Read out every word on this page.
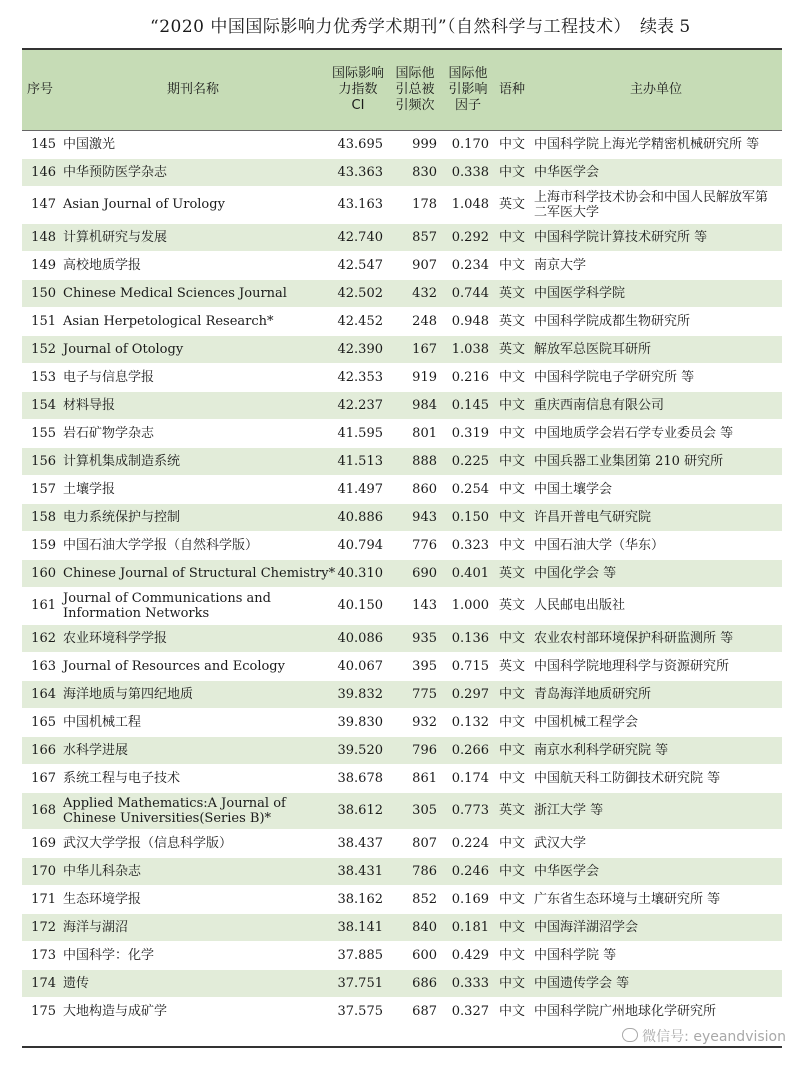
“2020 中国国际影响力优秀学术期刊”（自然科学与工程技术） 续表 5
序号	期刊名称	国际影响力指数 CI	国际他引总被引频次	国际他引影响因子	语种	主办单位
145	中国激光	43.695	999	0.170	中文	中国科学院上海光学精密机械研究所 等
146	中华预防医学杂志	43.363	830	0.338	中文	中华医学会
147	Asian Journal of Urology	43.163	178	1.048	英文	上海市科学技术协会和中国人民解放军第二军医大学
148	计算机研究与发展	42.740	857	0.292	中文	中国科学院计算技术研究所 等
149	高校地质学报	42.547	907	0.234	中文	南京大学
150	Chinese Medical Sciences Journal	42.502	432	0.744	英文	中国医学科学院
151	Asian Herpetological Research*	42.452	248	0.948	英文	中国科学院成都生物研究所
152	Journal of Otology	42.390	167	1.038	英文	解放军总医院耳研所
153	电子与信息学报	42.353	919	0.216	中文	中国科学院电子学研究所 等
154	材料导报	42.237	984	0.145	中文	重庆西南信息有限公司
155	岩石矿物学杂志	41.595	801	0.319	中文	中国地质学会岩石学专业委员会 等
156	计算机集成制造系统	41.513	888	0.225	中文	中国兵器工业集团第 210 研究所
157	土壤学报	41.497	860	0.254	中文	中国土壤学会
158	电力系统保护与控制	40.886	943	0.150	中文	许昌开普电气研究院
159	中国石油大学学报（自然科学版）	40.794	776	0.323	中文	中国石油大学（华东）
160	Chinese Journal of Structural Chemistry*	40.310	690	0.401	英文	中国化学会 等
161	Journal of Communications and Information Networks	40.150	143	1.000	英文	人民邮电出版社
162	农业环境科学学报	40.086	935	0.136	中文	农业农村部环境保护科研监测所 等
163	Journal of Resources and Ecology	40.067	395	0.715	英文	中国科学院地理科学与资源研究所
164	海洋地质与第四纪地质	39.832	775	0.297	中文	青岛海洋地质研究所
165	中国机械工程	39.830	932	0.132	中文	中国机械工程学会
166	水科学进展	39.520	796	0.266	中文	南京水利科学研究院 等
167	系统工程与电子技术	38.678	861	0.174	中文	中国航天科工防御技术研究院 等
168	Applied Mathematics:A Journal of Chinese Universities(Series B)*	38.612	305	0.773	英文	浙江大学 等
169	武汉大学学报（信息科学版）	38.437	807	0.224	中文	武汉大学
170	中华儿科杂志	38.431	786	0.246	中文	中华医学会
171	生态环境学报	38.162	852	0.169	中文	广东省生态环境与土壤研究所 等
172	海洋与湖沼	38.141	840	0.181	中文	中国海洋湖沼学会
173	中国科学：化学	37.885	600	0.429	中文	中国科学院 等
174	遗传	37.751	686	0.333	中文	中国遗传学会 等
175	大地构造与成矿学	37.575	687	0.327	中文	中国科学院广州地球化学研究所
微信号: eyeandvision
